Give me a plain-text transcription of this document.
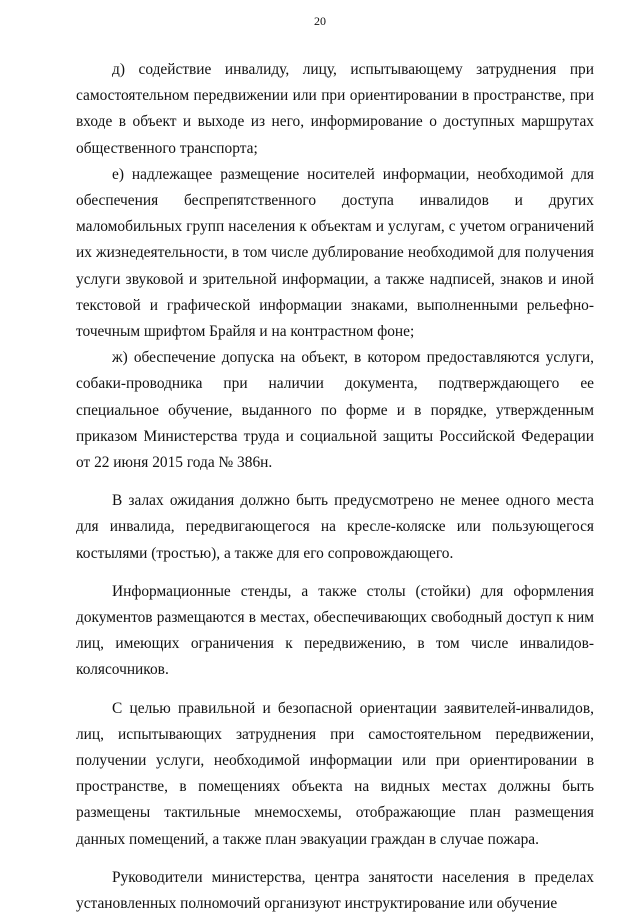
20

д) содействие инвалиду, лицу, испытывающему затруднения при самостоятельном передвижении или при ориентировании в пространстве, при входе в объект и выходе из него, информирование о доступных маршрутах общественного транспорта;

е) надлежащее размещение носителей информации, необходимой для обеспечения беспрепятственного доступа инвалидов и других маломобильных групп населения к объектам и услугам, с учетом ограничений их жизнедеятельности, в том числе дублирование необходимой для получения услуги звуковой и зрительной информации, а также надписей, знаков и иной текстовой и графической информации знаками, выполненными рельефно-точечным шрифтом Брайля и на контрастном фоне;

ж) обеспечение допуска на объект, в котором предоставляются услуги, собаки-проводника при наличии документа, подтверждающего ее специальное обучение, выданного по форме и в порядке, утвержденным приказом Министерства труда и социальной защиты Российской Федерации от 22 июня 2015 года № 386н.

В залах ожидания должно быть предусмотрено не менее одного места для инвалида, передвигающегося на кресле-коляске или пользующегося костылями (тростью), а также для его сопровождающего.

Информационные стенды, а также столы (стойки) для оформления документов размещаются в местах, обеспечивающих свободный доступ к ним лиц, имеющих ограничения к передвижению, в том числе инвалидов-колясочников.

С целью правильной и безопасной ориентации заявителей-инвалидов, лиц, испытывающих затруднения при самостоятельном передвижении, получении услуги, необходимой информации или при ориентировании в пространстве, в помещениях объекта на видных местах должны быть размещены тактильные мнемосхемы, отображающие план размещения данных помещений, а также план эвакуации граждан в случае пожара.

Руководители министерства, центра занятости населения в пределах установленных полномочий организуют инструктирование или обучение
